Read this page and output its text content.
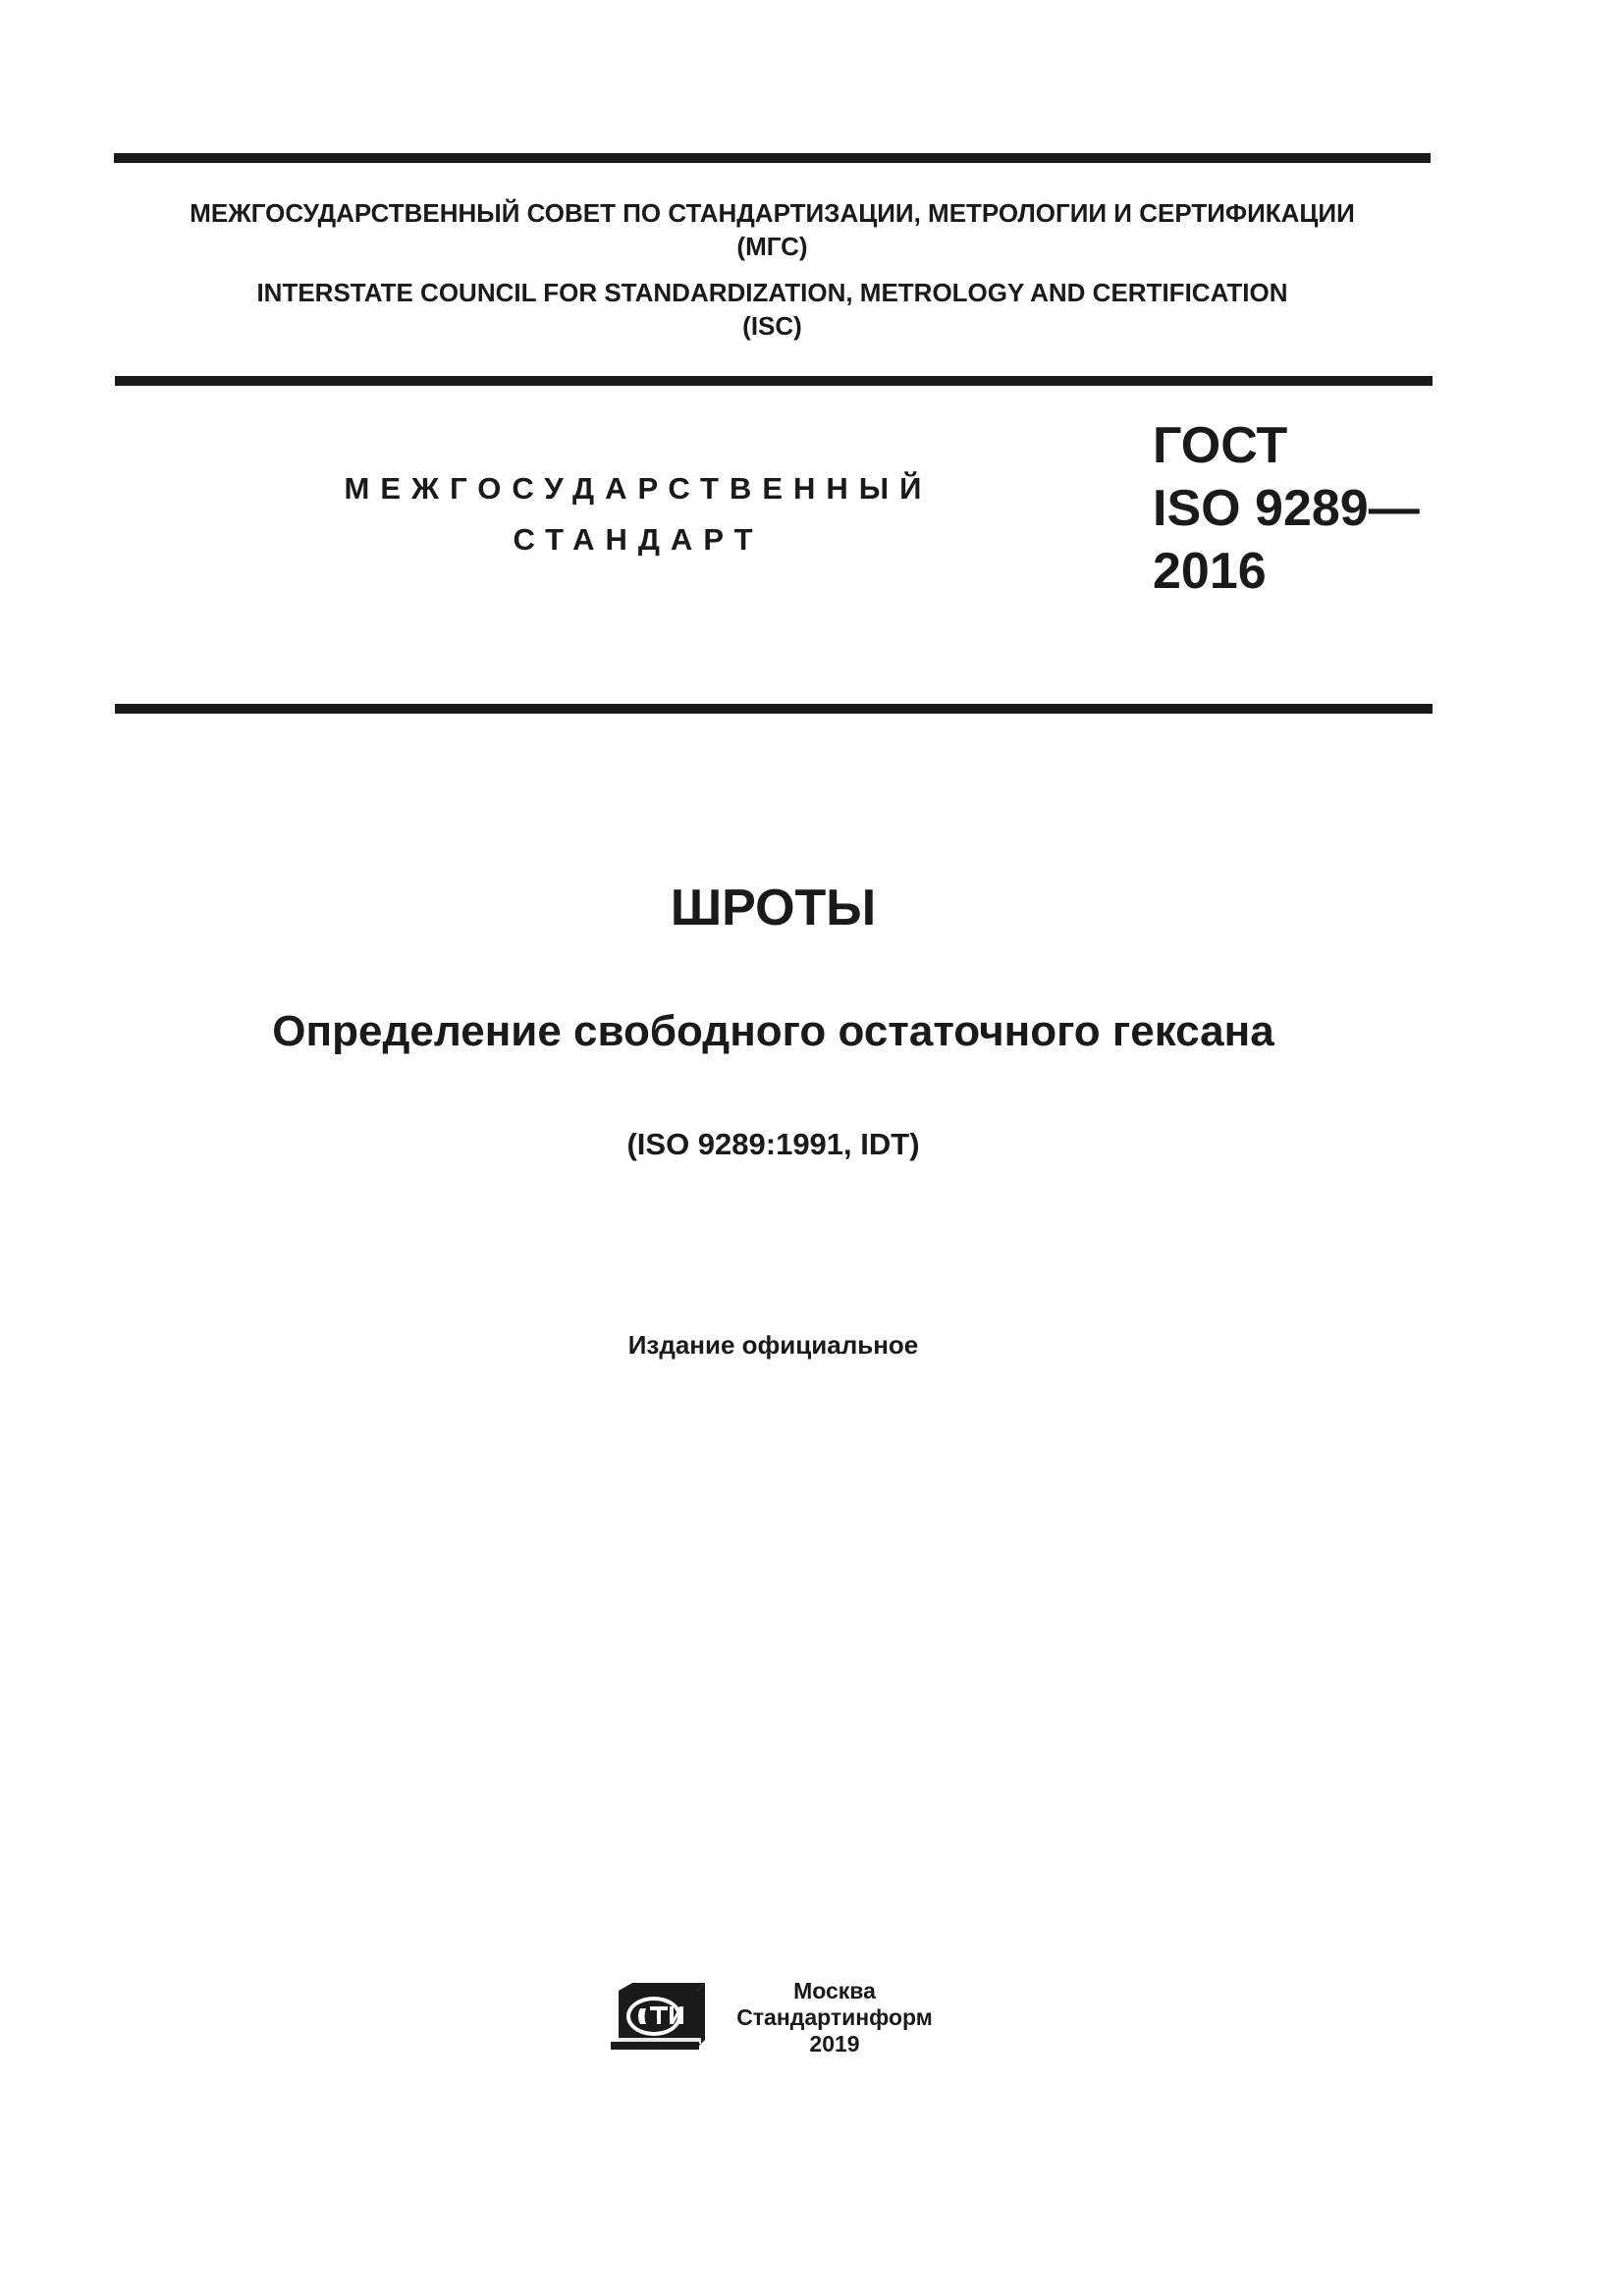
МЕЖГОСУДАРСТВЕННЫЙ СОВЕТ ПО СТАНДАРТИЗАЦИИ, МЕТРОЛОГИИ И СЕРТИФИКАЦИИ
(МГС)
INTERSTATE COUNCIL FOR STANDARDIZATION, METROLOGY AND CERTIFICATION
(ISC)
МЕЖГОСУДАРСТВЕННЫЙ
СТАНДАРТ
ГОСТ
ISO 9289—
2016
ШРОТЫ
Определение свободного остаточного гексана
(ISO 9289:1991, IDT)
Издание официальное
Москва
Стандартинформ
2019
